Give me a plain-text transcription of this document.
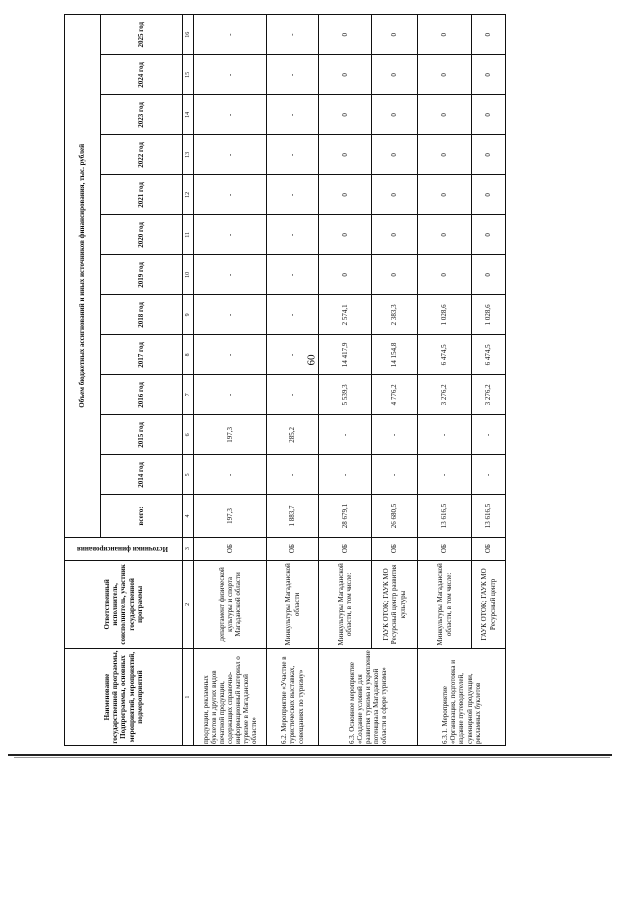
60
Наименование государственной программы, Подпрограммы, основных мероприятий, мероприятий, подмероприятий	Ответственный исполнитель, соисполнитель, участник государственной программы	Источники финансирования	Объем бюджетных ассигнований и иных источников финансирования, тыс. рублей												
			всего:	2014 год	2015 год	2016 год	2017 год	2018 год	2019 год	2020 год	2021 год	2022 год	2023 год	2024 год	2025 год
1	2	3	4	5	6	7	8	9	10	11	12	13	14	15	16
продукции, рекламных буклетов и других видов печатной продукции, содержащих справочно-информационный материал о туризме в Магаданской области»	департамент физической культуры и спорта Магаданской области	ОБ	197,3	-	197,3	-	-	-	-	-	-	-	-	-	-
6.2. Мероприятие «Участие в туристических выставках, совещаниях по туризму»	Минкультуры Магаданской области	ОБ	1 883,7	-	285,2	-	-	-	-	-	-	-	-	-	-
6.3. Основное мероприятие «Создание условий для развития туризма и укрепление потенциала Магаданской области в сфере туризма»	Минкультуры Магаданской области, в том числе:	ОБ	28 679,1	-	-	5 539,3	14 417,9	2 574,1	0	0	0	0	0	0	0
	ГАУК ОТОК; ГАУК МО Ресурсный центр развития культуры	ОБ	26 680,5	-	-	4 776,2	14 154,8	2 383,3	0	0	0	0	0	0	0
6.3.1. Мероприятие «Организация, подготовка и издание путеводителей, сувенирной продукции, рекламных буклетов	Минкультуры Магаданской области, в том числе:	ОБ	13 616,5	-	-	3 276,2	6 474,5	1 028,6	0	0	0	0	0	0	0
	ГАУК ОТОК; ГАУК МО Ресурсный центр	ОБ	13 616,5	-	-	3 276,2	6 474,5	1 028,6	0	0	0	0	0	0	0
